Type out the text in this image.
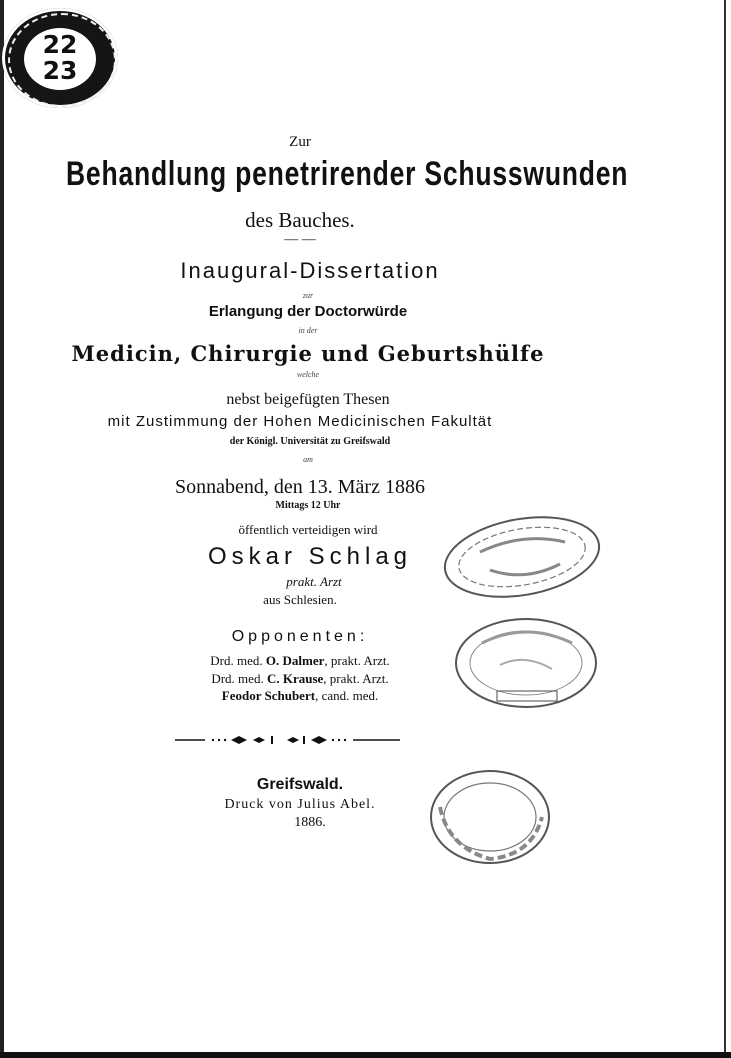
22
23
Zur
Behandlung penetrirender Schusswunden
des Bauches.
— —
Inaugural-Dissertation
zur
Erlangung der Doctorwürde
in der
Medicin, Chirurgie und Geburtshülfe
welche
nebst beigefügten Thesen
mit Zustimmung der Hohen Medicinischen Fakultät
der Königl. Universität zu Greifswald
am
Sonnabend, den 13. März 1886
Mittags 12 Uhr
öffentlich verteidigen wird
Oskar Schlag
prakt. Arzt
aus Schlesien.
Opponenten:
Drd. med. O. Dalmer, prakt. Arzt.
Drd. med. C. Krause, prakt. Arzt.
Feodor Schubert, cand. med.
Greifswald.
Druck von Julius Abel.
1886.
